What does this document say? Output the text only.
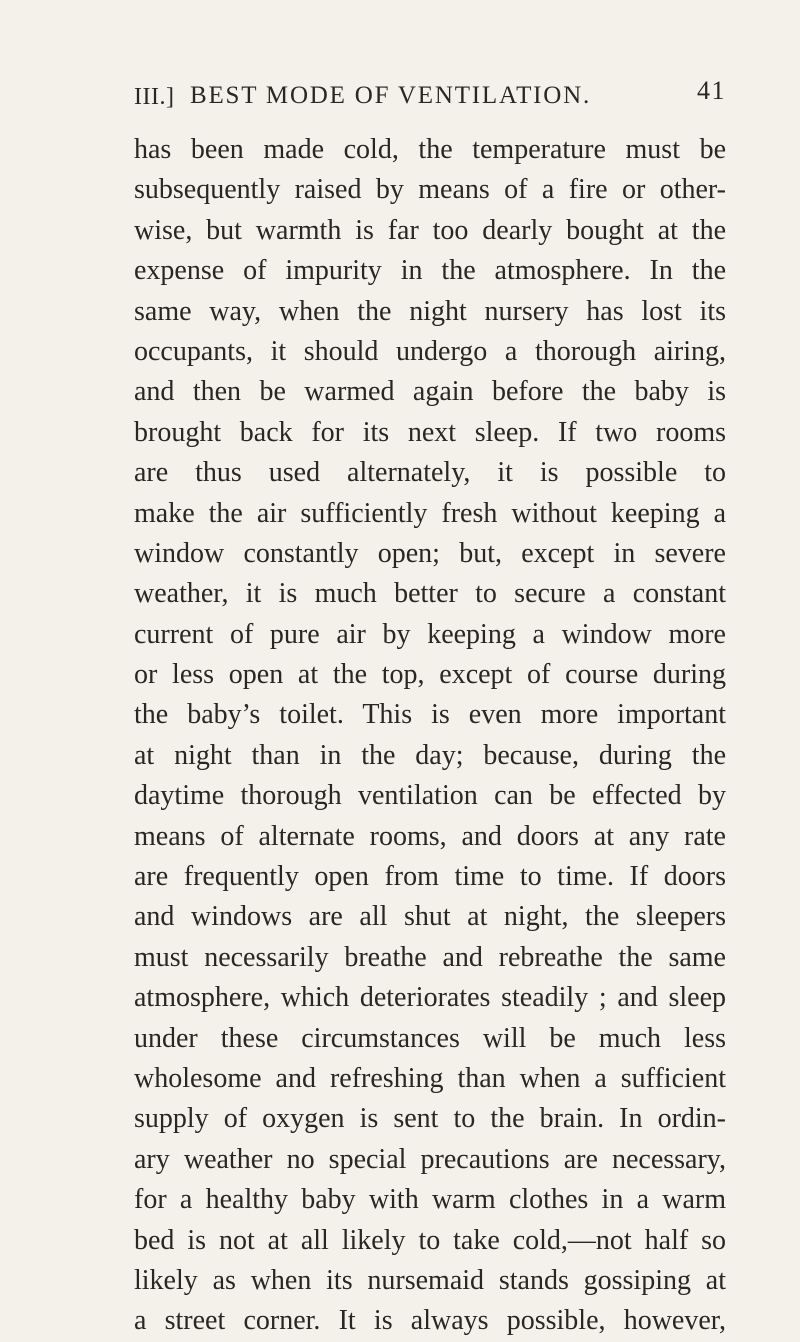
III.] BEST MODE OF VENTILATION.	41
has been made cold, the temperature must be
subsequently raised by means of a fire or other-
wise, but warmth is far too dearly bought at the
expense of impurity in the atmosphere. In the
same way, when the night nursery has lost its
occupants, it should undergo a thorough airing,
and then be warmed again before the baby is
brought back for its next sleep. If two rooms
are thus used alternately, it is possible to
make the air sufficiently fresh without keeping a
window constantly open; but, except in severe
weather, it is much better to secure a constant
current of pure air by keeping a window more
or less open at the top, except of course during
the baby’s toilet. This is even more important
at night than in the day; because, during the
daytime thorough ventilation can be effected by
means of alternate rooms, and doors at any rate
are frequently open from time to time. If doors
and windows are all shut at night, the sleepers
must necessarily breathe and rebreathe the same
atmosphere, which deteriorates steadily ; and sleep
under these circumstances will be much less
wholesome and refreshing than when a sufficient
supply of oxygen is sent to the brain. In ordin-
ary weather no special precautions are necessary,
for a healthy baby with warm clothes in a warm
bed is not at all likely to take cold,—not half so
likely as when its nursemaid stands gossiping at
a street corner. It is always possible, however,
